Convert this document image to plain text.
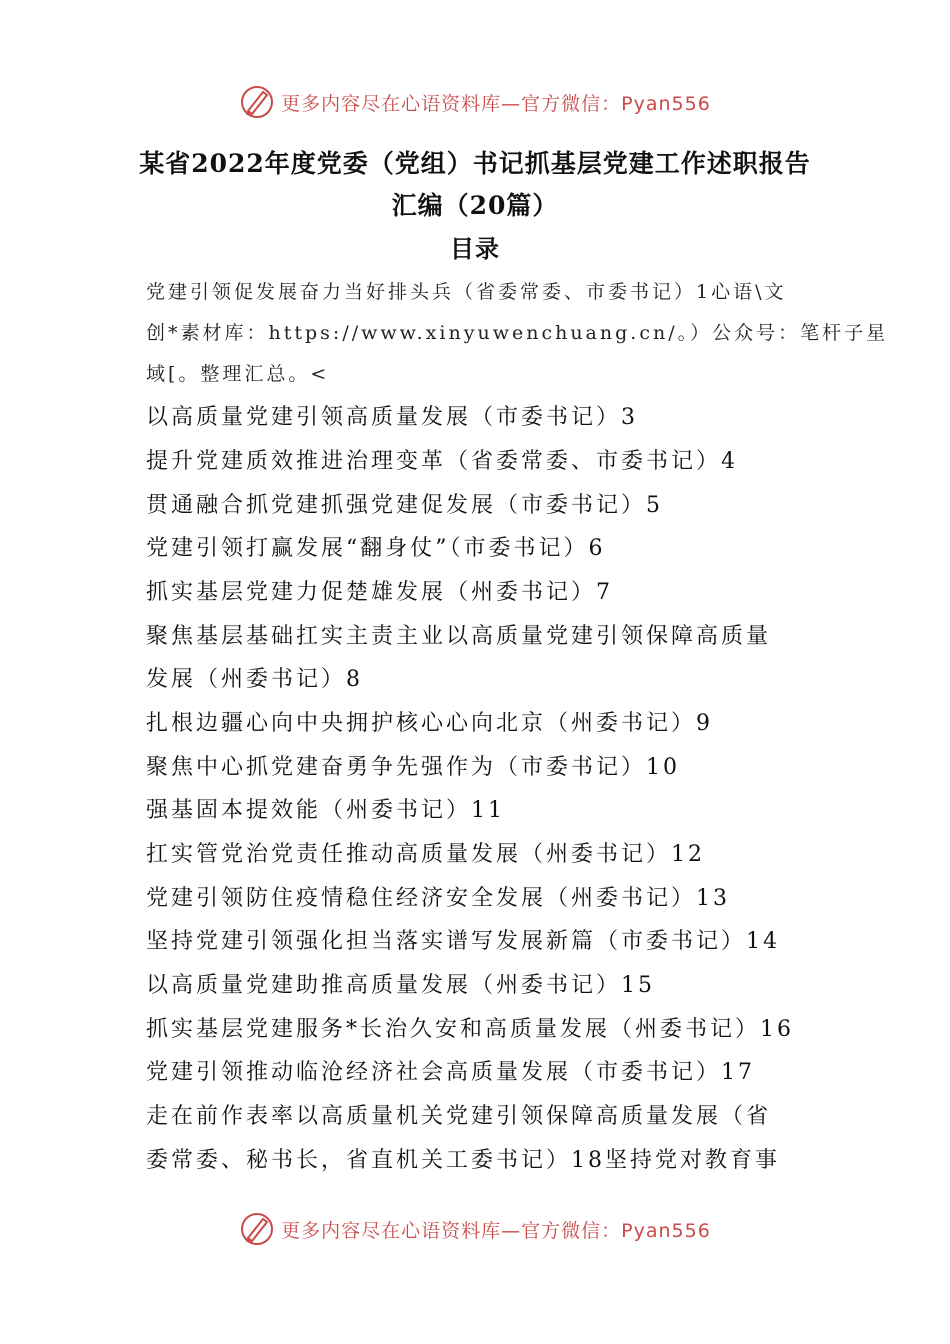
更多内容尽在心语资料库—官方微信：Pyan556
某省2022年度党委（党组）书记抓基层党建工作述职报告
汇编（20篇）
目录
党建引领促发展奋力当好排头兵（省委常委、市委书记）1心语\文
创*素材库：https://www.xinyuwenchuang.cn/。）公众号：笔杆子星
域[。整理汇总。<
以高质量党建引领高质量发展（市委书记）3
提升党建质效推进治理变革（省委常委、市委书记）4
贯通融合抓党建抓强党建促发展（市委书记）5
党建引领打赢发展“翻身仗”（市委书记）6
抓实基层党建力促楚雄发展（州委书记）7
聚焦基层基础扛实主责主业以高质量党建引领保障高质量
发展（州委书记）8
扎根边疆心向中央拥护核心心向北京（州委书记）9
聚焦中心抓党建奋勇争先强作为（市委书记）10
强基固本提效能（州委书记）11
扛实管党治党责任推动高质量发展（州委书记）12
党建引领防住疫情稳住经济安全发展（州委书记）13
坚持党建引领强化担当落实谱写发展新篇（市委书记）14
以高质量党建助推高质量发展（州委书记）15
抓实基层党建服务*长治久安和高质量发展（州委书记）16
党建引领推动临沧经济社会高质量发展（市委书记）17
走在前作表率以高质量机关党建引领保障高质量发展（省
委常委、秘书长，省直机关工委书记）18坚持党对教育事
更多内容尽在心语资料库—官方微信：Pyan556
